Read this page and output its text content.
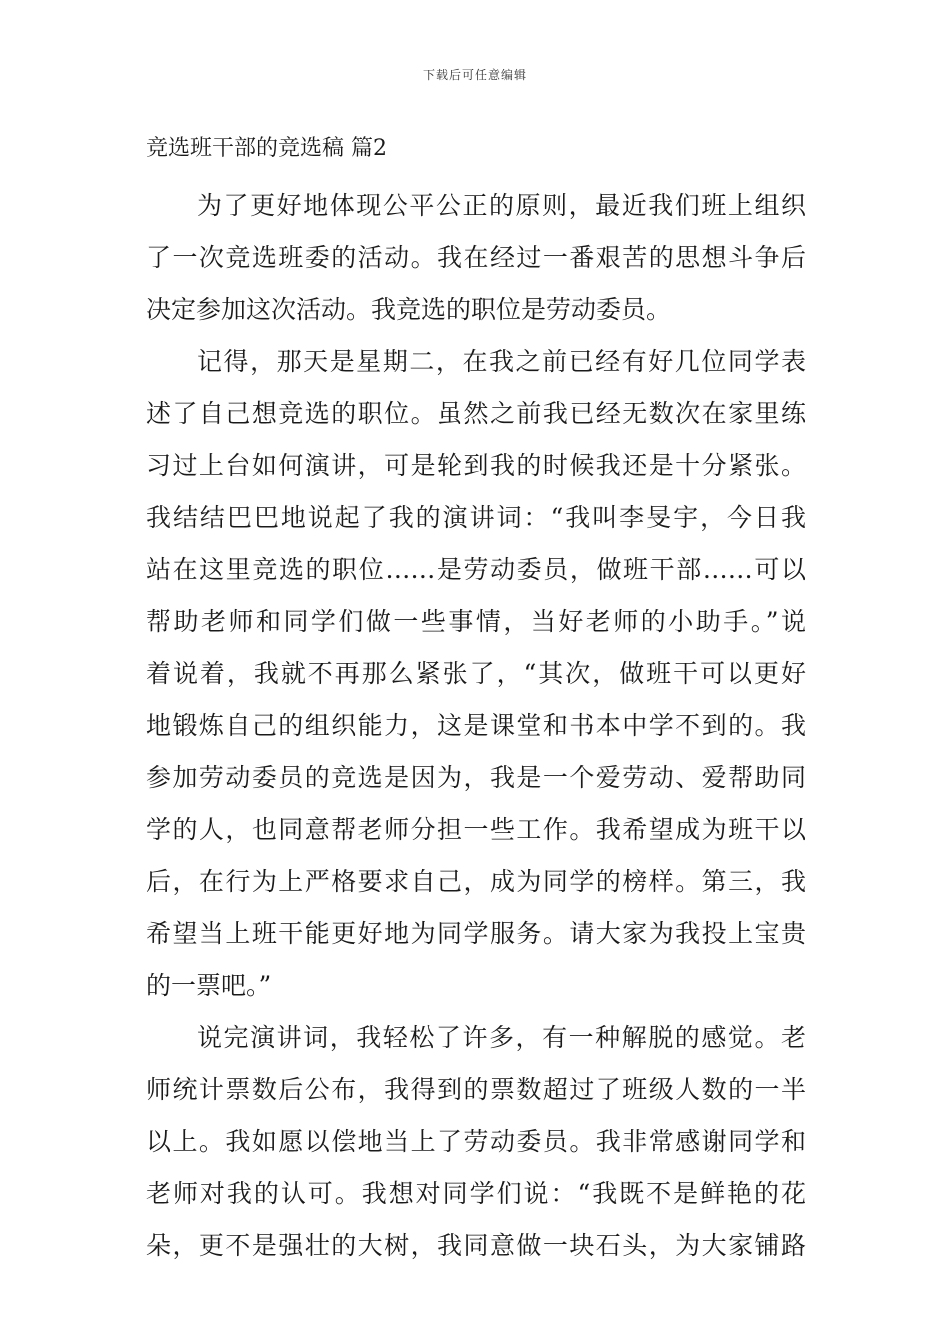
下载后可任意编辑
竞选班干部的竞选稿 篇2
为了更好地体现公平公正的原则，最近我们班上组织
了一次竞选班委的活动。我在经过一番艰苦的思想斗争后
决定参加这次活动。我竞选的职位是劳动委员。
记得，那天是星期二，在我之前已经有好几位同学表
述了自己想竞选的职位。虽然之前我已经无数次在家里练
习过上台如何演讲，可是轮到我的时候我还是十分紧张。
我结结巴巴地说起了我的演讲词：“我叫李旻宇，今日我
站在这里竞选的职位……是劳动委员，做班干部……可以
帮助老师和同学们做一些事情，当好老师的小助手。”说
着说着，我就不再那么紧张了，“其次，做班干可以更好
地锻炼自己的组织能力，这是课堂和书本中学不到的。我
参加劳动委员的竞选是因为，我是一个爱劳动、爱帮助同
学的人，也同意帮老师分担一些工作。我希望成为班干以
后，在行为上严格要求自己，成为同学的榜样。第三，我
希望当上班干能更好地为同学服务。请大家为我投上宝贵
的一票吧。”
说完演讲词，我轻松了许多，有一种解脱的感觉。老
师统计票数后公布，我得到的票数超过了班级人数的一半
以上。我如愿以偿地当上了劳动委员。我非常感谢同学和
老师对我的认可。我想对同学们说：“我既不是鲜艳的花
朵，更不是强壮的大树，我同意做一块石头，为大家铺路
